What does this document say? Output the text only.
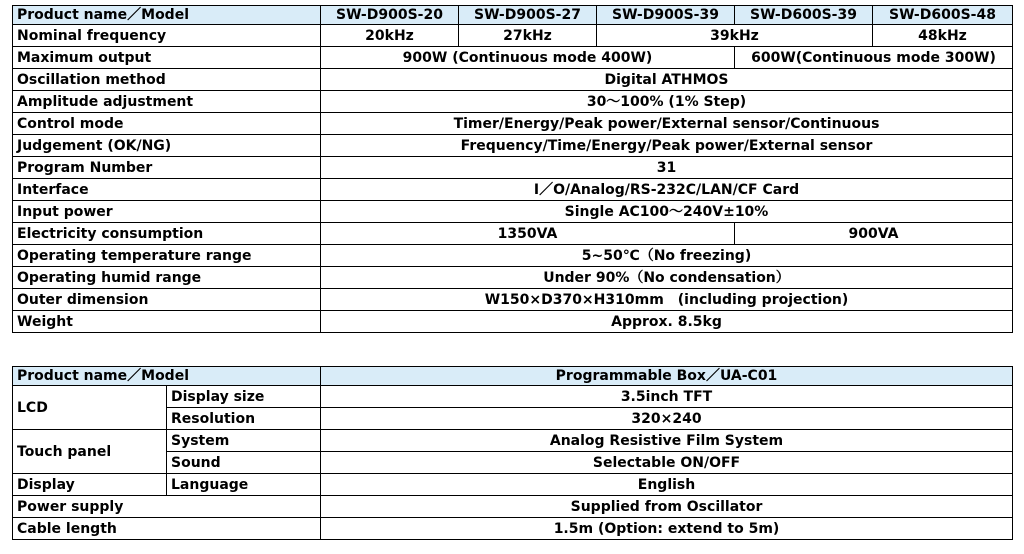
Product name／Model	SW-D900S-20	SW-D900S-27	SW-D900S-39	SW-D600S-39	SW-D600S-48
Nominal frequency	20kHz	27kHz	39kHz		48kHz
Maximum output	900W (Continuous mode 400W)			600W(Continuous mode 300W)	
Oscillation method	Digital ATHMOS				
Amplitude adjustment	30～100% (1% Step)				
Control mode	Timer/Energy/Peak power/External sensor/Continuous				
Judgement (OK/NG)	Frequency/Time/Energy/Peak power/External sensor				
Program Number	31				
Interface	I／O/Analog/RS-232C/LAN/CF Card				
Input power	Single AC100～240V±10%				
Electricity consumption	1350VA			900VA	
Operating temperature range	5~50℃（No freezing)				
Operating humid range	Under 90%（No condensation）				
Outer dimension	W150×D370×H310mm　(including projection)				
Weight	Approx. 8.5kg				
Product name／Model		Programmable Box／UA-C01
LCD	Display size	3.5inch TFT
	Resolution	320×240
Touch panel	System	Analog Resistive Film System
	Sound	Selectable ON/OFF
Display	Language	English
Power supply		Supplied from Oscillator
Cable length		1.5m (Option: extend to 5m)
